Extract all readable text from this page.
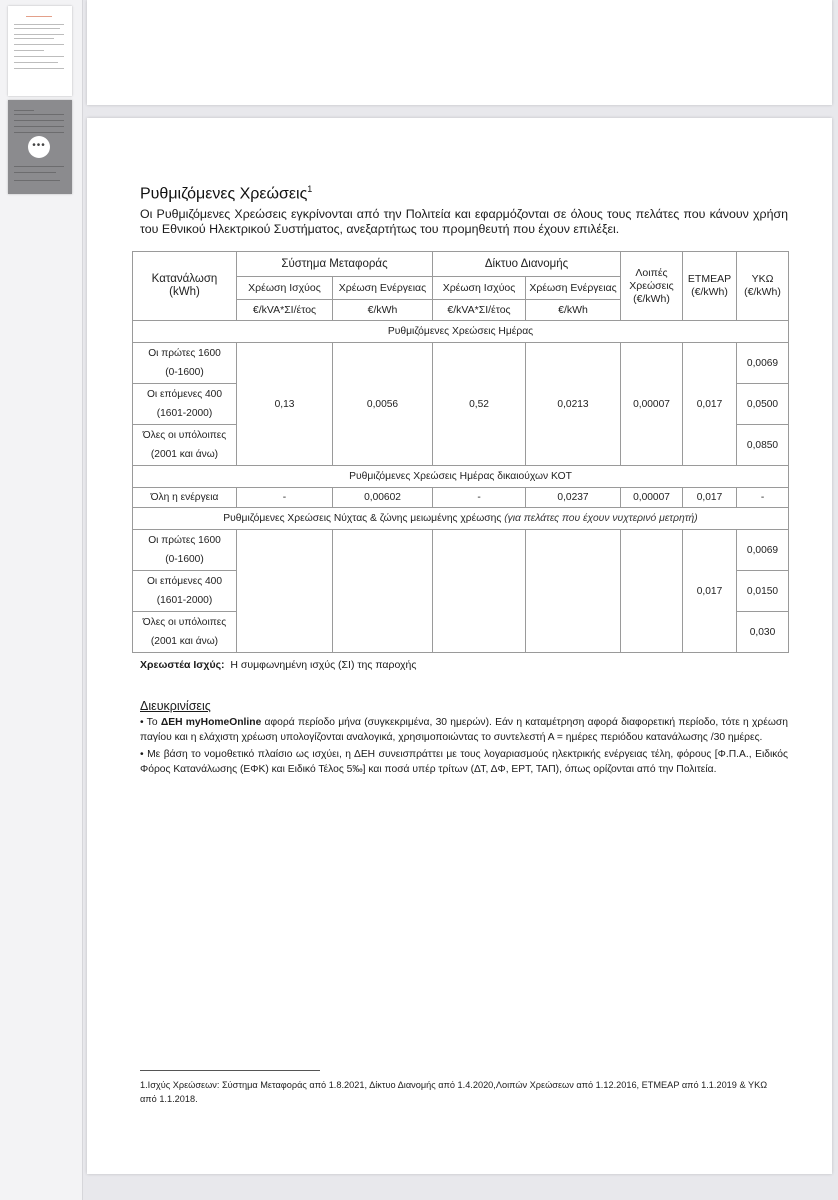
•••
Ρυθμιζόμενες Χρεώσεις$^1$

Οι Ρυθμιζόμενες Χρεώσεις εγκρίνονται από την Πολιτεία και εφαρμόζονται σε όλους τους πελάτες που κάνουν χρήση του Εθνικού Ηλεκτρικού Συστήματος, ανεξαρτήτως του προμηθευτή που έχουν επιλέξει.

Κατανάλωση (kWh)	Σύστημα Μεταφοράς		Δίκτυο Διανομής		Λοιπές Χρεώσεις (€/kWh)	ΕΤΜΕΑΡ (€/kWh)	ΥΚΩ (€/kWh)
	Χρέωση Ισχύος	Χρέωση Ενέργειας	Χρέωση Ισχύος	Χρέωση Ενέργειας			
	€/kVA*ΣΙ/έτος	€/kWh	€/kVA*ΣΙ/έτος	€/kWh			
Ρυθμιζόμενες Χρεώσεις Ημέρας							
Οι πρώτες 1600
(0-1600)	0,13	0,0056	0,52	0,0213	0,00007	0,017	0,0069
Οι επόμενες 400
(1601-2000)							0,0500
Όλες οι υπόλοιπες
(2001 και άνω)							0,0850
Ρυθμιζόμενες Χρεώσεις Ημέρας δικαιούχων ΚΟΤ							
Όλη η ενέργεια	-	0,00602	-	0,0237	0,00007	0,017	-
Ρυθμιζόμενες Χρεώσεις Νύχτας & ζώνης μειωμένης χρέωσης (για πελάτες που έχουν νυχτερινό μετρητή)							
Οι πρώτες 1600
(0-1600)						0,017	0,0069
Οι επόμενες 400
(1601-2000)							0,0150
Όλες οι υπόλοιπες
(2001 και άνω)							0,030
Χρεωστέα Ισχύς: Η συμφωνημένη ισχύς (ΣΙ) της παροχής
Διευκρινίσεις

• Το ΔΕΗ myHomeOnline αφορά περίοδο μήνα (συγκεκριμένα, 30 ημερών). Εάν η καταμέτρηση αφορά διαφορετική περίοδο, τότε η χρέωση παγίου και η ελάχιστη χρέωση υπολογίζονται αναλογικά, χρησιμοποιώντας το συντελεστή Α = ημέρες περιόδου κατανάλωσης /30 ημέρες.

• Με βάση το νομοθετικό πλαίσιο ως ισχύει, η ΔΕΗ συνεισπράττει με τους λογαριασμούς ηλεκτρικής ενέργειας τέλη, φόρους [Φ.Π.Α., Ειδικός Φόρος Κατανάλωσης (ΕΦΚ) και Ειδικό Τέλος 5‰] και ποσά υπέρ τρίτων (ΔΤ, ΔΦ, ΕΡΤ, ΤΑΠ), όπως ορίζονται από την Πολιτεία.

1.Ισχύς Χρεώσεων: Σύστημα Μεταφοράς από 1.8.2021, Δίκτυο Διανομής από 1.4.2020,Λοιπών Χρεώσεων από 1.12.2016, ΕΤΜΕΑΡ από 1.1.2019 & ΥΚΩ από 1.1.2018.
